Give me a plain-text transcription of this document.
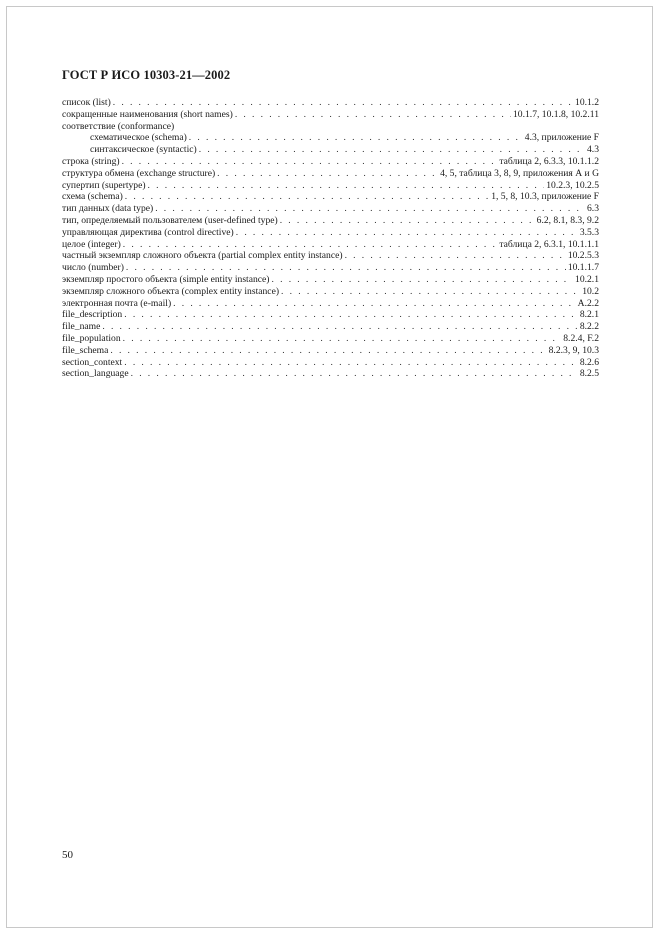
ГОСТ Р ИСО 10303-21—2002
список (list) . . .	10.1.2
сокращенные наименования (short names) . . .	10.1.7, 10.1.8, 10.2.11
соответствие (conformance)
схематическое (schema) . . .	4.3, приложение F
синтаксическое (syntactic) . . .	4.3
строка (string) . . .	таблица 2, 6.3.3, 10.1.1.2
структура обмена (exchange structure) . . .	4, 5, таблица 3, 8, 9, приложения А и G
супертип (supertype) . . .	10.2.3, 10.2.5
схема (schema) . . .	1, 5, 8, 10.3, приложение F
тип данных (data type) . . .	6.3
тип, определяемый пользователем (user-defined type) . . .	6.2, 8.1, 8.3, 9.2
управляющая директива (control directive) . . .	3.5.3
целое (integer) . . .	таблица 2, 6.3.1, 10.1.1.1
частный экземпляр сложного объекта (partial complex entity instance) . . .	10.2.5.3
число (number) . . .	10.1.1.7
экземпляр простого объекта (simple entity instance) . . .	10.2.1
экземпляр сложного объекта (complex entity instance) . . .	10.2
электронная почта (e-mail) . . .	A.2.2
file_description . . .	8.2.1
file_name . . .	8.2.2
file_population . . .	8.2.4, F.2
file_schema . . .	8.2.3, 9, 10.3
section_context . . .	8.2.6
section_language . . .	8.2.5
50
